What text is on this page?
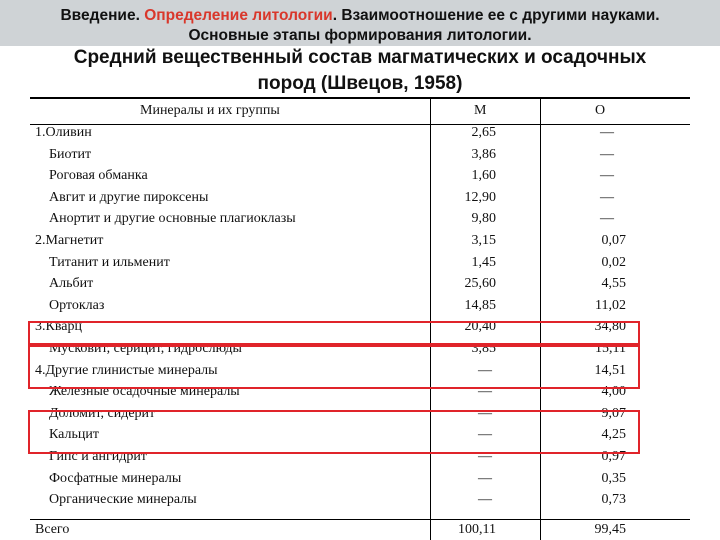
Введение. Определение литологии. Взаимоотношение ее с другими науками.
Основные этапы формирования литологии.
Средний вещественный состав магматических и осадочных
пород (Швецов, 1958)
Минералы и их группы	М	О
1.Оливин	2,65	—
Биотит	3,86	—
Роговая обманка	1,60	—
Авгит и другие пироксены	12,90	—
Анортит и другие основные плагиоклазы	9,80	—
2.Магнетит	3,15	0,07
Титанит и ильменит	1,45	0,02
Альбит	25,60	4,55
Ортоклаз	14,85	11,02
3.Кварц	20,40	34,80
Мусковит, серицит, гидрослюды	3,85	15,11
4.Другие глинистые минералы	—	14,51
Железные осадочные минералы	—	4,00
Доломит, сидерит	—	9,07
Кальцит	—	4,25
Гипс и ангидрит	—	0,97
Фосфатные минералы	—	0,35
Органические минералы	—	0,73
Всего	100,11	99,45
